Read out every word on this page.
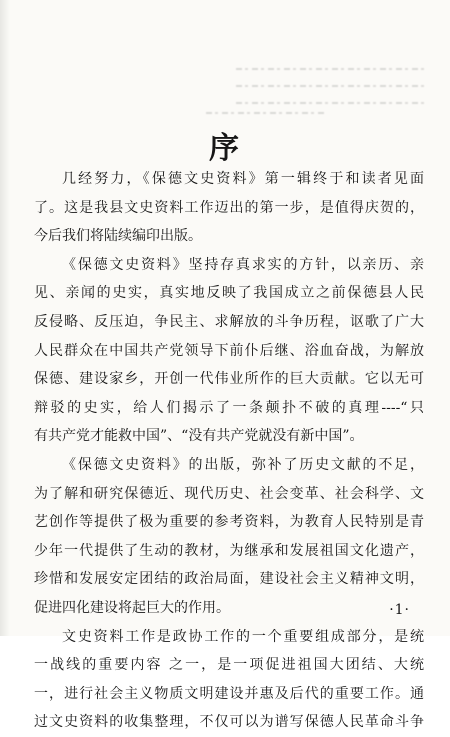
序
几经努力，《保德文史资料》第一辑终于和读者见面
了。这是我县文史资料工作迈出的第一步，是值得庆贺的，
今后我们将陆续编印出版。
《保德文史资料》坚持存真求实的方针，以亲历、亲
见、亲闻的史实，真实地反映了我国成立之前保德县人民
反侵略、反压迫，争民主、求解放的斗争历程，讴歌了广大
人民群众在中国共产党领导下前仆后继、浴血奋战，为解放
保德、建设家乡，开创一代伟业所作的巨大贡献。它以无可
辩驳的史实，给人们揭示了一条颠扑不破的真理----“只
有共产党才能救中国”、“没有共产党就没有新中国”。
《保德文史资料》的出版，弥补了历史文献的不足，
为了解和研究保德近、现代历史、社会变革、社会科学、文
艺创作等提供了极为重要的参考资料，为教育人民特别是青
少年一代提供了生动的教材，为继承和发展祖国文化遗产，
珍惜和发展安定团结的政治局面，建设社会主义精神文明，
促进四化建设将起巨大的作用。
文史资料工作是政协工作的一个重要组成部分，是统
一战线的重要内容 之一，是一项促进祖国大团结、大统
一，进行社会主义物质文明建设并惠及后代的重要工作。通
过文史资料的收集整理，不仅可以为谱写保德人民革命斗争
·1·
